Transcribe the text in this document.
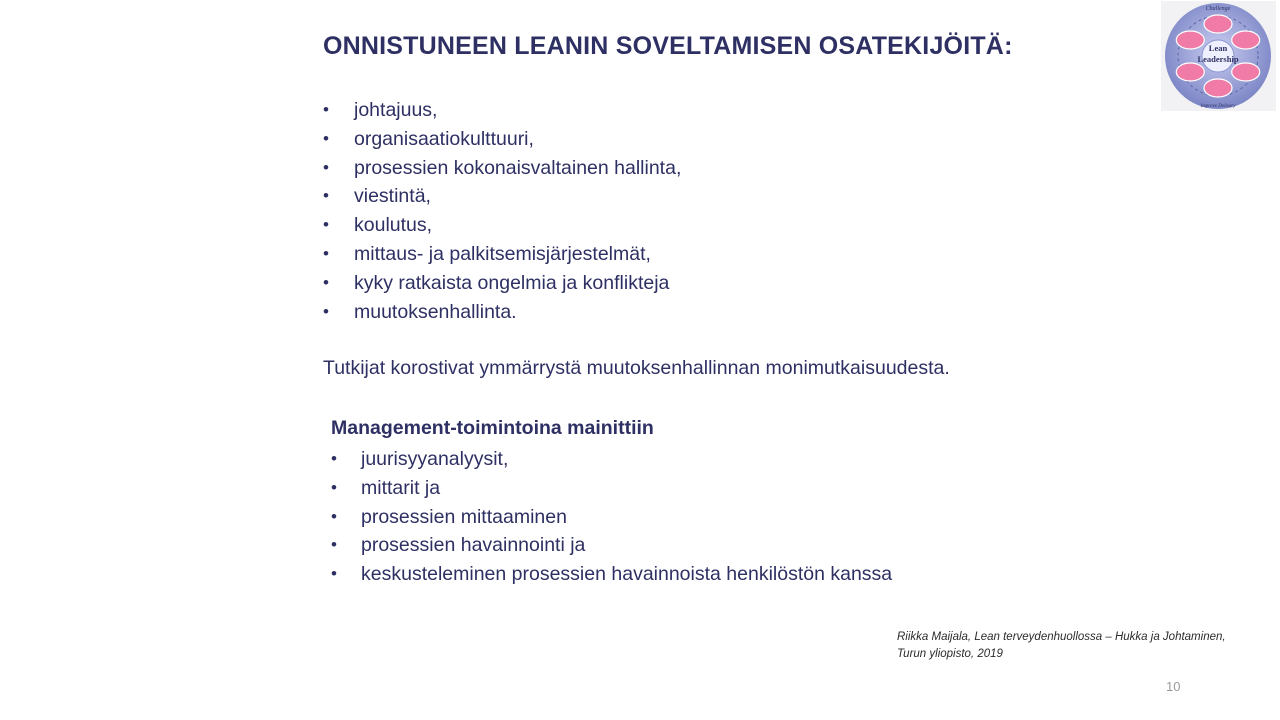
ONNISTUNEEN LEANIN SOVELTAMISEN OSATEKIJÖITÄ:
• johtajuus,
• organisaatiokulttuuri,
• prosessien kokonaisvaltainen hallinta,
• viestintä,
• koulutus,
• mittaus- ja palkitsemisjärjestelmät,
• kyky ratkaista ongelmia ja konflikteja
• muutoksenhallinta.
Tutkijat korostivat ymmärrystä muutoksenhallinnan monimutkaisuudesta.
Management-toimintoina mainittiin
• juurisyyanalyysit,
• mittarit ja
• prosessien mittaaminen
• prosessien havainnointi ja
• keskusteleminen prosessien havainnoista henkilöstön kanssa
Riikka Maijala, Lean terveydenhuollossa – Hukka ja Johtaminen,
Turun yliopisto, 2019
10
Lean
Leadership
Challenge
Improve Delivery
